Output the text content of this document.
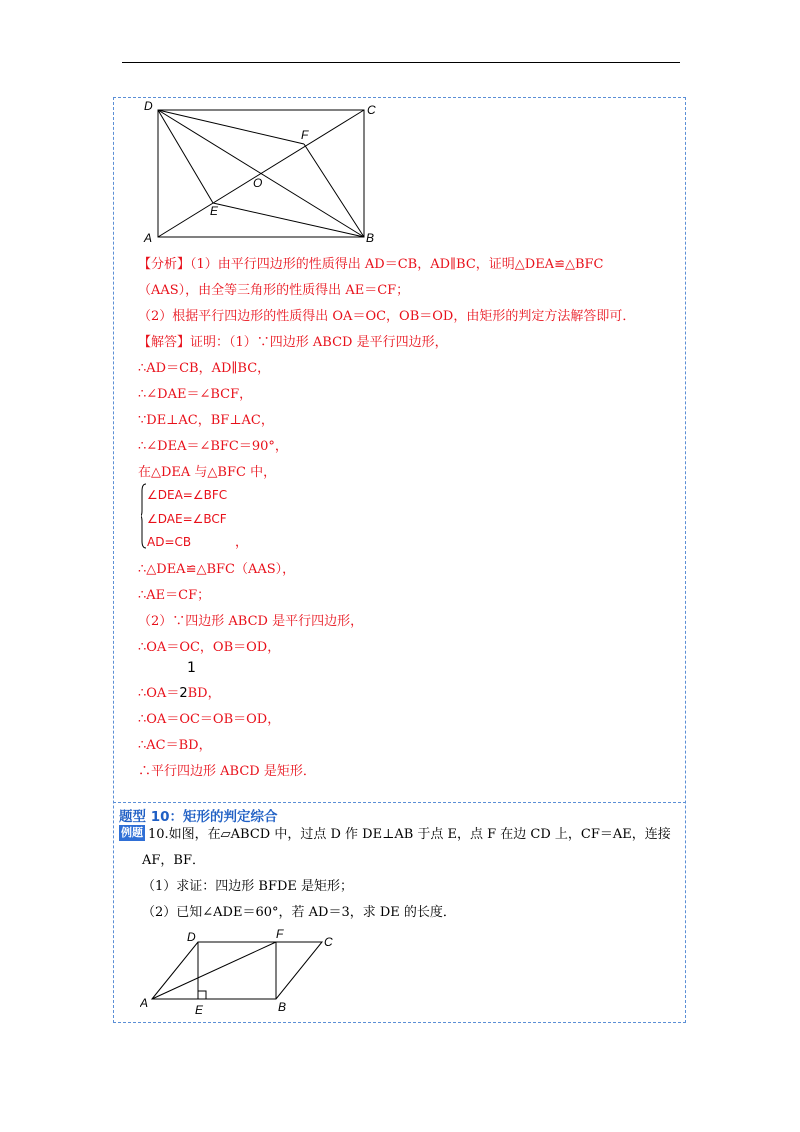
D	C
F
O
E
A	B
【分析】（1）由平行四边形的性质得出 AD＝CB，AD∥BC，证明△DEA≌△BFC
（AAS），由全等三角形的性质得出 AE＝CF；
（2）根据平行四边形的性质得出 OA＝OC，OB＝OD，由矩形的判定方法解答即可．
【解答】证明：（1）∵四边形 ABCD 是平行四边形，
∴AD＝CB，AD∥BC，
∴∠DAE＝∠BCF，
∵DE⊥AC，BF⊥AC，
∴∠DEA＝∠BFC＝90°，
在△DEA 与△BFC 中，
∠DEA=∠BFC
∠DAE=∠BCF
AD=CB	，
∴△DEA≌△BFC（AAS），
∴AE＝CF；
（2）∵四边形 ABCD 是平行四边形，
∴OA＝OC，OB＝OD，
1
∴OA＝2BD，
∴OA＝OC＝OB＝OD，
∴AC＝BD，
∴平行四边形 ABCD 是矩形．
题型 10：矩形的判定综合
例题 10.如图，在▱ABCD 中，过点 D 作 DE⊥AB 于点 E，点 F 在边 CD 上，CF＝AE，连接
AF，BF．
（1）求证：四边形 BFDE 是矩形；
（2）已知∠ADE＝60°，若 AD＝3，求 DE 的长度．
D	F
C
A	E	B
